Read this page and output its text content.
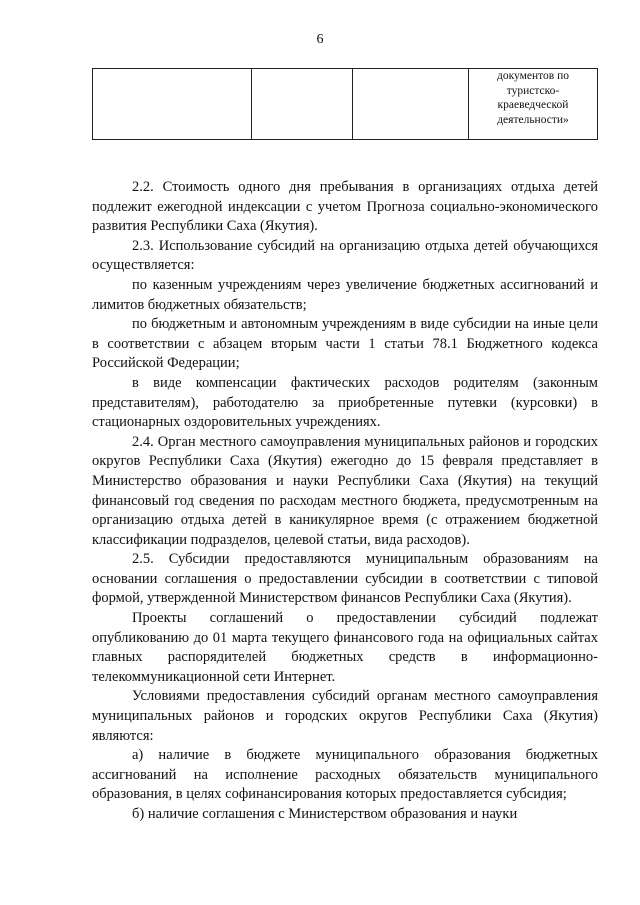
6

документов по
туристско-
краеведческой
деятельности»

2.2. Стоимость одного дня пребывания в организациях отдыха детей подлежит ежегодной индексации с учетом Прогноза социально-экономического развития Республики Саха (Якутия).

2.3. Использование субсидий на организацию отдыха детей обучающихся осуществляется:

по казенным учреждениям через увеличение бюджетных ассигнований и лимитов бюджетных обязательств;

по бюджетным и автономным учреждениям в виде субсидии на иные цели в соответствии с абзацем вторым части 1 статьи 78.1 Бюджетного кодекса Российской Федерации;

в виде компенсации фактических расходов родителям (законным представителям), работодателю за приобретенные путевки (курсовки) в стационарных оздоровительных учреждениях.

2.4. Орган местного самоуправления муниципальных районов и городских округов Республики Саха (Якутия) ежегодно до 15 февраля представляет в Министерство образования и науки Республики Саха (Якутия) на текущий финансовый год сведения по расходам местного бюджета, предусмотренным на организацию отдыха детей в каникулярное время (с отражением бюджетной классификации подразделов, целевой статьи, вида расходов).

2.5. Субсидии предоставляются муниципальным образованиям на основании соглашения о предоставлении субсидии в соответствии с типовой формой, утвержденной Министерством финансов Республики Саха (Якутия).

Проекты соглашений о предоставлении субсидий подлежат опубликованию до 01 марта текущего финансового года на официальных сайтах главных распорядителей бюджетных средств в информационно-телекоммуникационной сети Интернет.

Условиями предоставления субсидий органам местного самоуправления муниципальных районов и городских округов Республики Саха (Якутия) являются:

а) наличие в бюджете муниципального образования бюджетных ассигнований на исполнение расходных обязательств муниципального образования, в целях софинансирования которых предоставляется субсидия;

б) наличие соглашения с Министерством образования и науки
